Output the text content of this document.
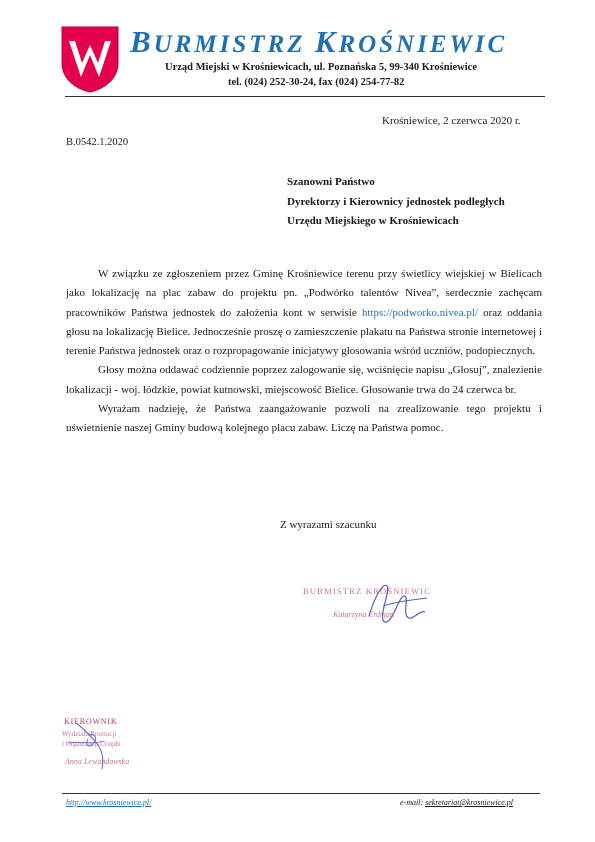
BURMISTRZ KROŚNIEWIC
Urząd Miejski w Krośniewicach, ul. Poznańska 5, 99-340 Krośniewice
tel. (024) 252-30-24, fax (024) 254-77-82
Krośniewice, 2 czerwca 2020 r.
B.0542.1.2020
Szanowni Państwo
Dyrektorzy i Kierownicy jednostek podległych
Urzędu Miejskiego w Krośniewicach

W związku ze zgłoszeniem przez Gminę Krośniewice terenu przy świetlicy wiejskiej w Bielicach jako lokalizację na plac zabaw do projektu pn. „Podwórko talentów Nivea”, serdecznie zachęcam pracowników Państwa jednostek do założenia kont w serwisie https://podworko.nivea.pl/ oraz oddania głosu na lokalizację Bielice. Jednocześnie proszę o zamieszczenie plakatu na Państwa stronie internetowej i terenie Państwa jednostek oraz o rozpropagowanie inicjatywy głosowania wśród uczniów, podopiecznych.

Głosy można oddawać codziennie poprzez zalogowanie się, wciśnięcie napisu „Głosuj”, znalezienie lokalizacji - woj. łódzkie, powiat kutnowski, miejscowość Bielice. Głosowanie trwa do 24 czerwca br.

Wyrażam nadzieję, że Państwa zaangażowanie pozwoli na zrealizowanie tego projektu i uświetnienie naszej Gminy budową kolejnego placu zabaw. Liczę na Państwa pomoc.

Z wyrazami szacunku
BURMISTRZ KROŚNIEWIC
Katarzyna Erdman
KIEROWNIK
Wydziału Promocji
i Organizacji Urzędu
Anna Lewandowska
http://www.krosniewice.pl/	e-mail: sekretariat@krosniewice.pl
